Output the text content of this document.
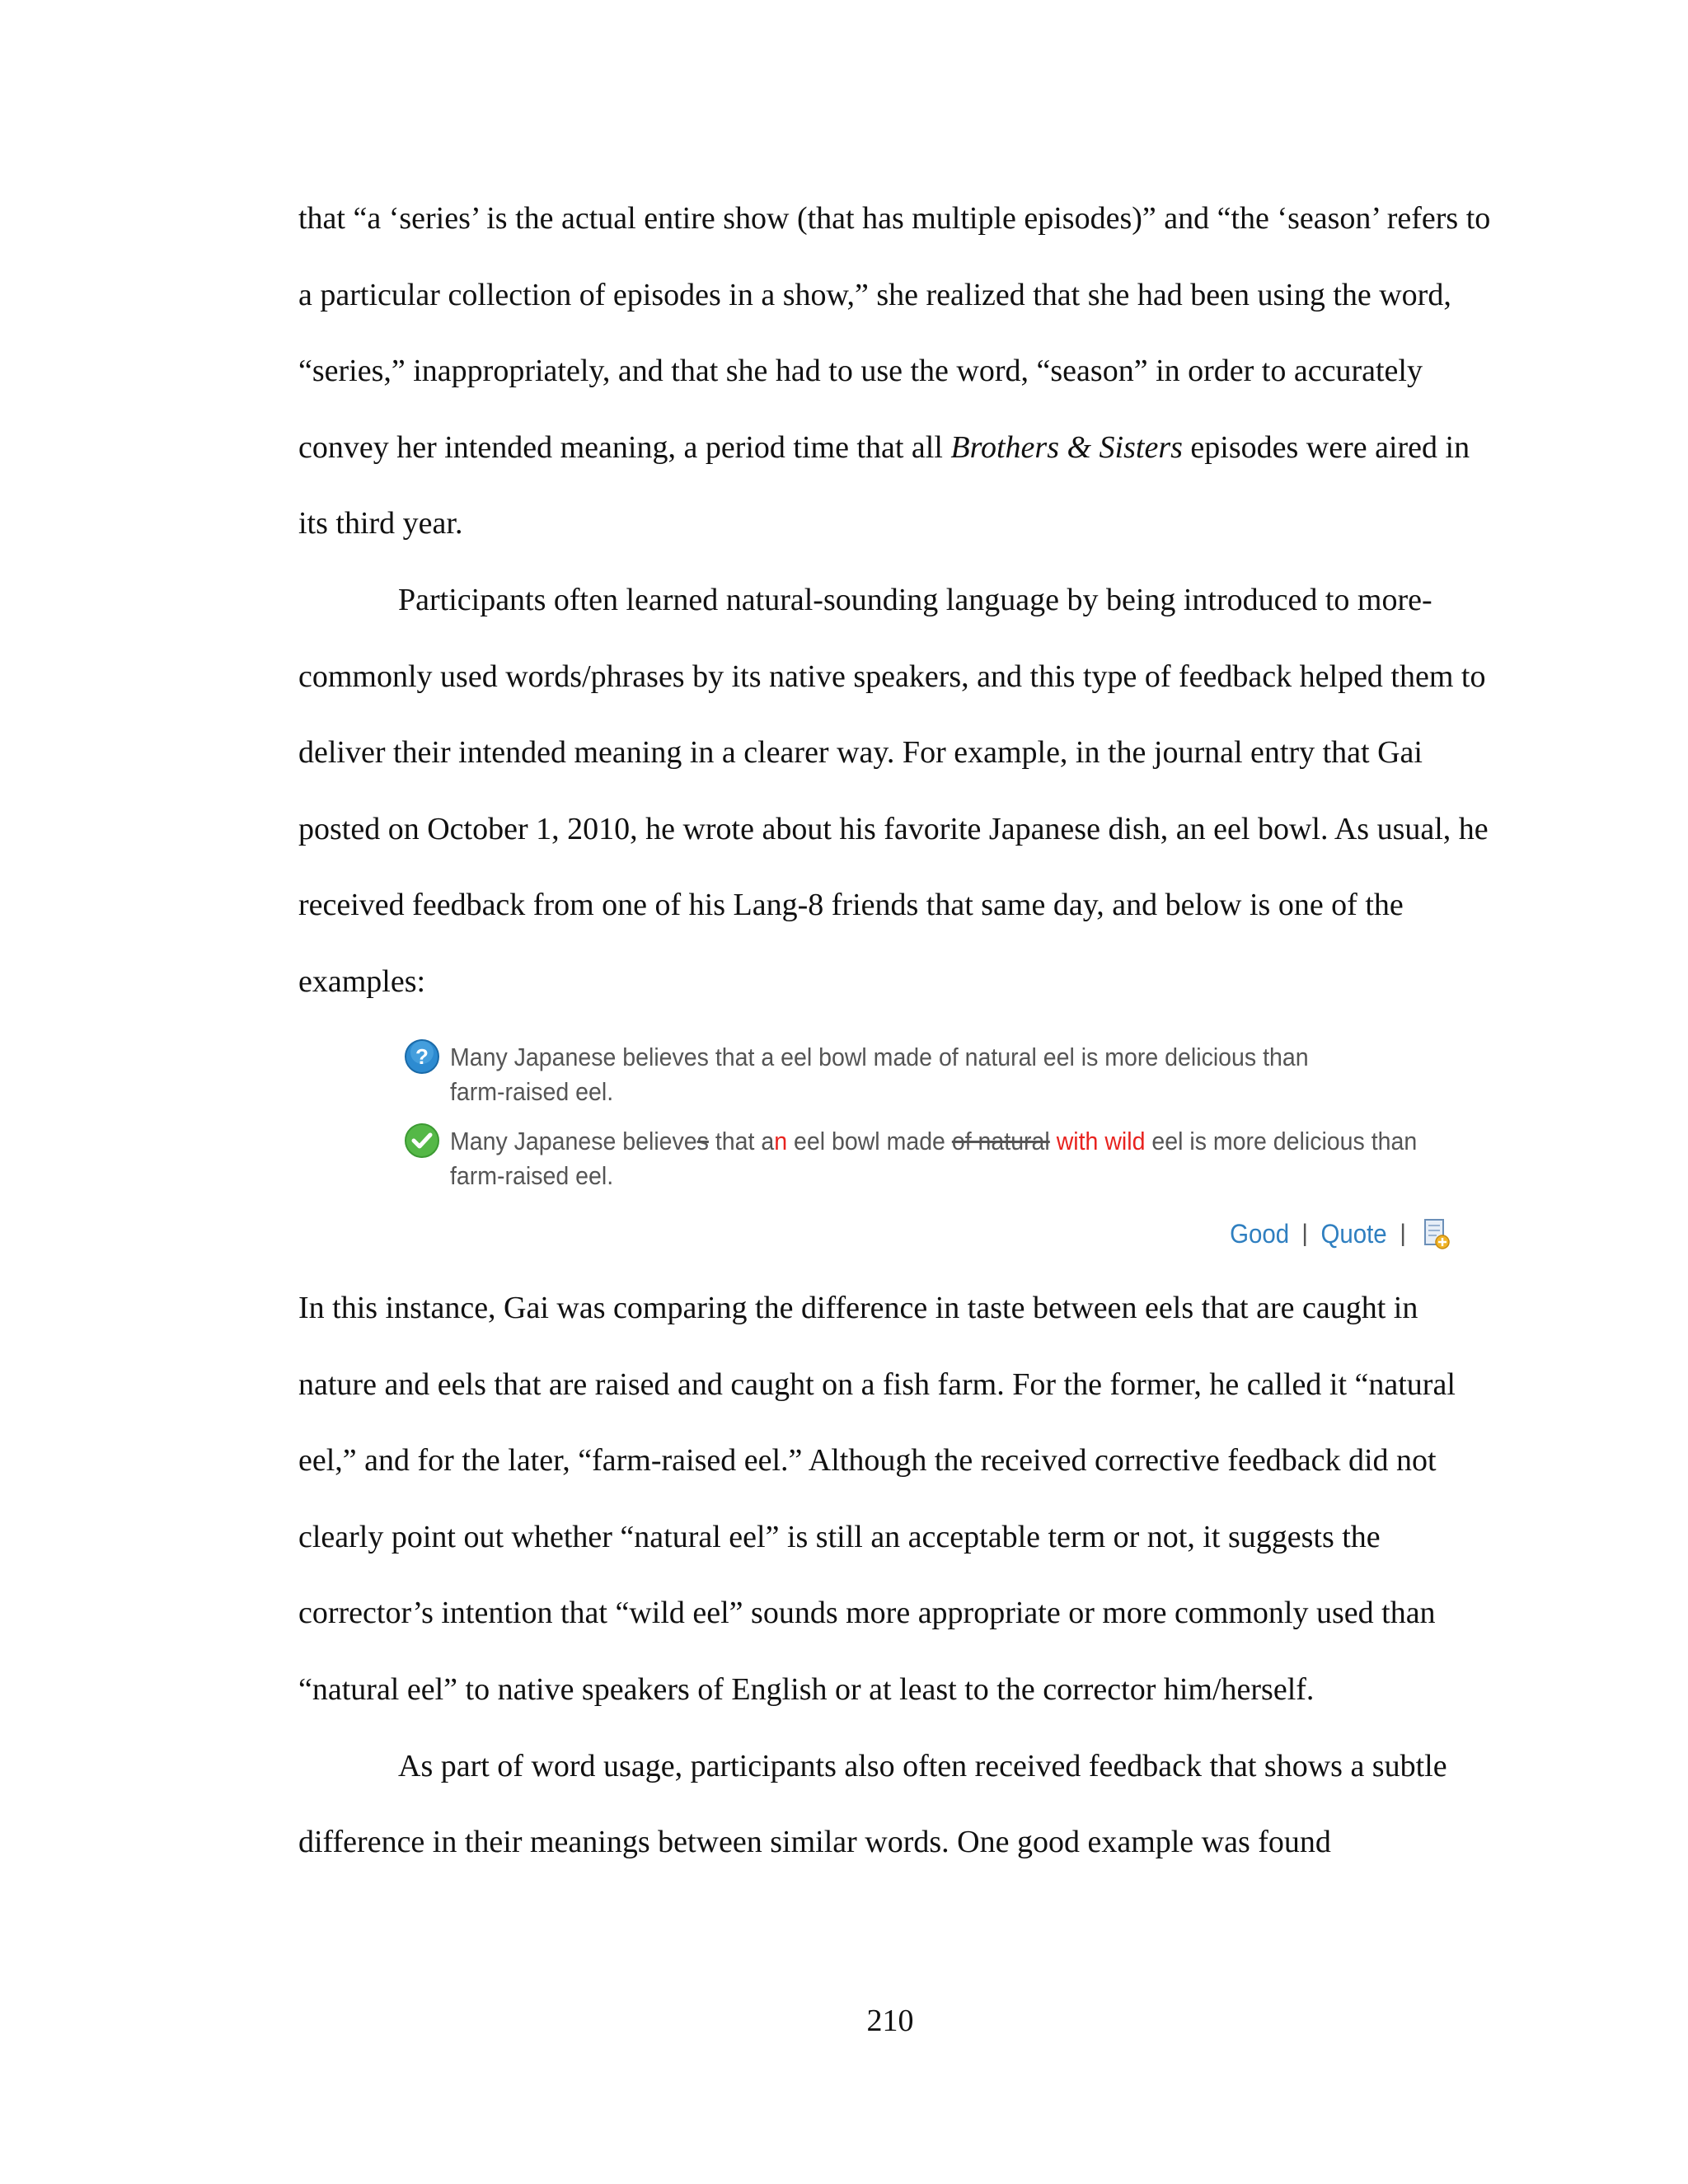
that “a ‘series’ is the actual entire show (that has multiple episodes)” and “the ‘season’ refers to a particular collection of episodes in a show,” she realized that she had been using the word, “series,” inappropriately, and that she had to use the word, “season” in order to accurately convey her intended meaning, a period time that all Brothers & Sisters episodes were aired in its third year.

Participants often learned natural-sounding language by being introduced to more-commonly used words/phrases by its native speakers, and this type of feedback helped them to deliver their intended meaning in a clearer way. For example, in the journal entry that Gai posted on October 1, 2010, he wrote about his favorite Japanese dish, an eel bowl. As usual, he received feedback from one of his Lang-8 friends that same day, and below is one of the examples:

? Many Japanese believes that a eel bowl made of natural eel is more delicious than
farm-raised eel.
Many Japanese believes that an eel bowl made of natural with wild eel is more delicious than
farm-raised eel.
Good | Quote |

In this instance, Gai was comparing the difference in taste between eels that are caught in nature and eels that are raised and caught on a fish farm. For the former, he called it “natural eel,” and for the later, “farm-raised eel.” Although the received corrective feedback did not clearly point out whether “natural eel” is still an acceptable term or not, it suggests the corrector’s intention that “wild eel” sounds more appropriate or more commonly used than “natural eel” to native speakers of English or at least to the corrector him/herself.

As part of word usage, participants also often received feedback that shows a subtle difference in their meanings between similar words. One good example was found

210
